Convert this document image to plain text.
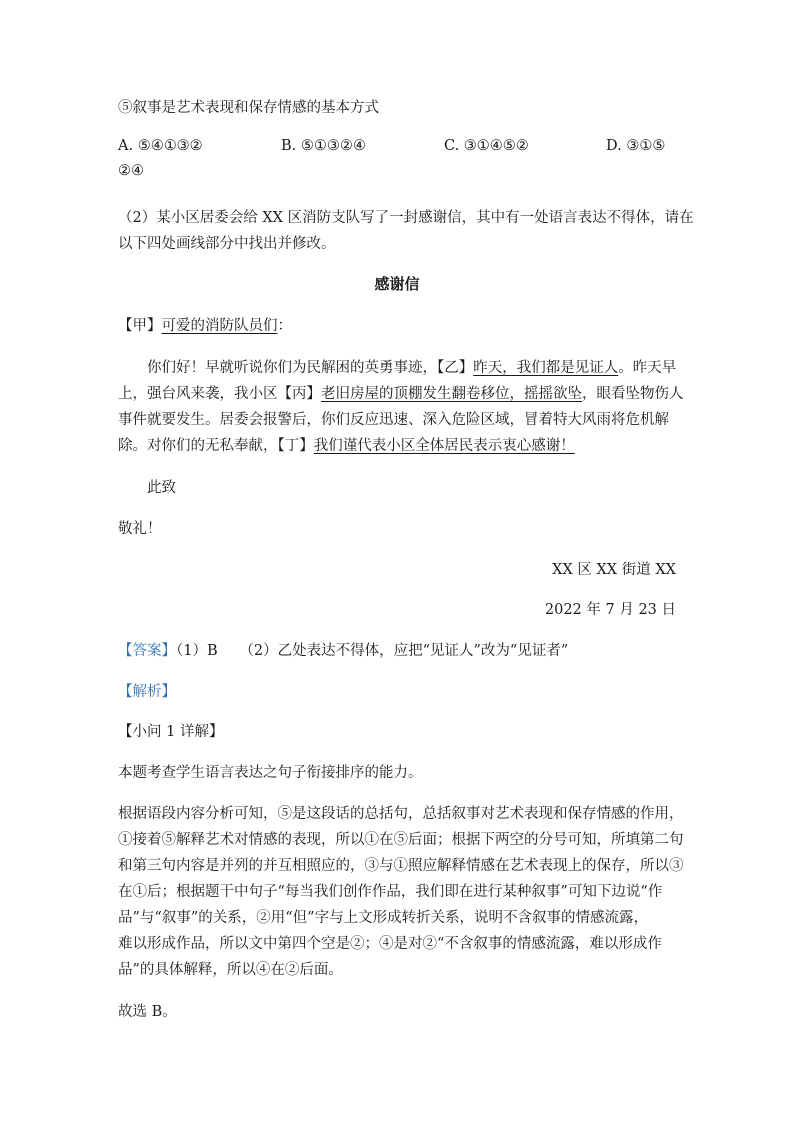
⑤叙事是艺术表现和保存情感的基本方式
A. ⑤④①③②	B. ⑤①③②④	C. ③①④⑤②	D. ③①⑤
②④
（2）某小区居委会给 XX 区消防支队写了一封感谢信，其中有一处语言表达不得体，请在
以下四处画线部分中找出并修改。
感谢信
【甲】可爱的消防队员们：
你们好！早就听说你们为民解困的英勇事迹，【乙】昨天，我们都是见证人。昨天早
上，强台风来袭，我小区【丙】老旧房屋的顶棚发生翻卷移位，摇摇欲坠，眼看坠物伤人
事件就要发生。居委会报警后，你们反应迅速、深入危险区域，冒着特大风雨将危机解
除。对你们的无私奉献，【丁】我们谨代表小区全体居民表示衷心感谢！
此致
敬礼！
XX 区 XX 街道 XX
2022 年 7 月 23 日
【答案】（1）B　　（2）乙处表达不得体，应把“见证人”改为“见证者”
【解析】
【小问 1 详解】
本题考查学生语言表达之句子衔接排序的能力。
根据语段内容分析可知，⑤是这段话的总括句，总括叙事对艺术表现和保存情感的作用，
①接着⑤解释艺术对情感的表现，所以①在⑤后面；根据下两空的分号可知，所填第二句
和第三句内容是并列的并互相照应的，③与①照应解释情感在艺术表现上的保存，所以③
在①后；根据题干中句子“每当我们创作作品，我们即在进行某种叙事”可知下边说“作
品”与“叙事”的关系，②用“但”字与上文形成转折关系，说明不含叙事的情感流露，
难以形成作品，所以文中第四个空是②；④是对②“不含叙事的情感流露，难以形成作
品”的具体解释，所以④在②后面。
故选 B。
